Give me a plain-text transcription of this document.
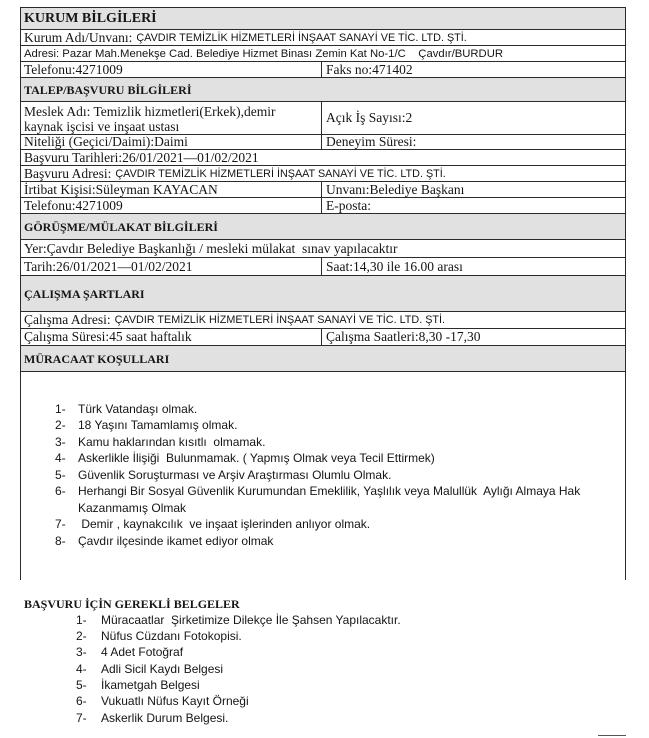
KURUM BİLGİLERİ
Kurum Adı/Unvanı: ÇAVDIR TEMİZLİK HİZMETLERİ İNŞAAT SANAYİ VE TİC. LTD. ŞTİ.
Adresi: Pazar Mah.Menekşe Cad. Belediye Hizmet Binası Zemin Kat No-1/C    Çavdır/BURDUR
Telefonu:4271009	Faks no:471402
TALEP/BAŞVURU BİLGİLERİ
Meslek Adı: Temizlik hizmetleri(Erkek),demir kaynak işcisi ve inşaat ustası
Açık İş Sayısı:2
Niteliği (Geçici/Daimi):Daimi	Deneyim Süresi:
Başvuru Tarihleri:26/01/2021—01/02/2021
Başvuru Adresi: ÇAVDIR TEMİZLİK HİZMETLERİ İNŞAAT SANAYİ VE TİC. LTD. ŞTİ.
İrtibat Kişisi:Süleyman KAYACAN	Unvanı:Belediye Başkanı
Telefonu:4271009	E-posta:
GÖRÜŞME/MÜLAKAT BİLGİLERİ
Yer:Çavdır Belediye Başkanlığı / mesleki mülakat  sınav yapılacaktır
Tarih:26/01/2021—01/02/2021	Saat:14,30 ile 16.00 arası
ÇALIŞMA ŞARTLARI
Çalışma Adresi: ÇAVDIR TEMİZLİK HİZMETLERİ İNŞAAT SANAYİ VE TİC. LTD. ŞTİ.
Çalışma Süresi:45 saat haftalık	Çalışma Saatleri:8,30 -17,30
MÜRACAAT KOŞULLARI
1-	Türk Vatandaşı olmak.
2-	18 Yaşını Tamamlamış olmak.
3-	Kamu haklarından kısıtlı  olmamak.
4-	Askerlikle İlişiği  Bulunmamak. ( Yapmış Olmak veya Tecil Ettirmek)
5-	Güvenlik Soruşturması ve Arşiv Araştırması Olumlu Olmak.
6-	Herhangi Bir Sosyal Güvenlik Kurumundan Emeklilik, Yaşlılık veya Malullük  Aylığı Almaya Hak Kazanmamış Olmak
7-	Demir , kaynakcılık  ve inşaat işlerinden anlıyor olmak.
8-	Çavdır ilçesinde ikamet ediyor olmak
BAŞVURU İÇİN GEREKLİ BELGELER
1-	Müracaatlar  Şirketimize Dilekçe İle Şahsen Yapılacaktır.
2-	Nüfus Cüzdanı Fotokopisi.
3-	4 Adet Fotoğraf
4-	Adli Sicil Kaydı Belgesi
5-	İkametgah Belgesi
6-	Vukuatlı Nüfus Kayıt Örneği
7-	Askerlik Durum Belgesi.
